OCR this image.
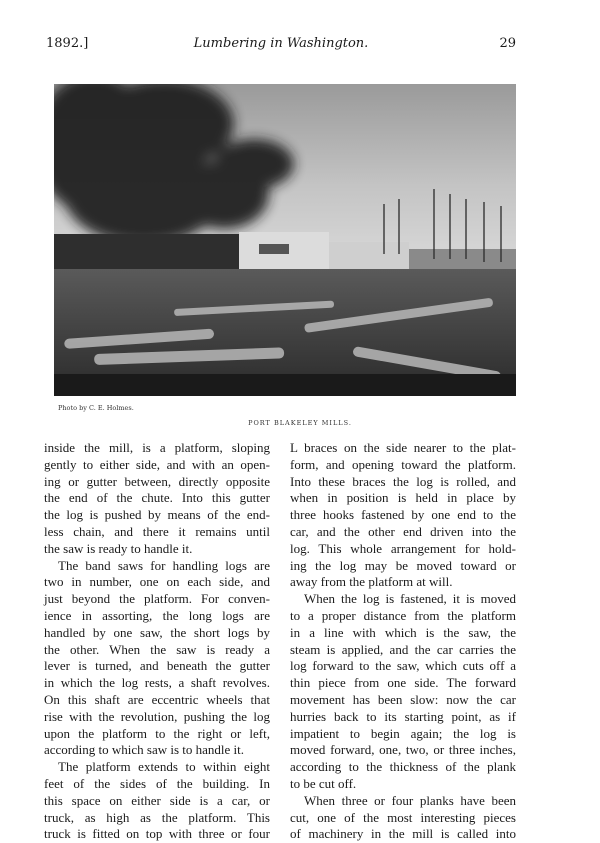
1892.]	Lumbering in Washington.	29
Photo by C. E. Holmes.
PORT BLAKELEY MILLS.
inside the mill, is a platform, sloping
gently to either side, and with an open-
ing or gutter between, directly opposite
the end of the chute. Into this gutter
the log is pushed by means of the end-
less chain, and there it remains until
the saw is ready to handle it.
The band saws for handling logs are
two in number, one on each side, and
just beyond the platform. For conven-
ience in assorting, the long logs are
handled by one saw, the short logs by
the other. When the saw is ready a
lever is turned, and beneath the gutter
in which the log rests, a shaft revolves.
On this shaft are eccentric wheels that
rise with the revolution, pushing the log
upon the platform to the right or left,
according to which saw is to handle it.
The platform extends to within eight
feet of the sides of the building. In
this space on either side is a car, or
truck, as high as the platform. This
truck is fitted on top with three or four
L braces on the side nearer to the plat-
form, and opening toward the platform.
Into these braces the log is rolled, and
when in position is held in place by
three hooks fastened by one end to the
car, and the other end driven into the
log. This whole arrangement for hold-
ing the log may be moved toward or
away from the platform at will.
When the log is fastened, it is moved
to a proper distance from the platform
in a line with which is the saw, the
steam is applied, and the car carries the
log forward to the saw, which cuts off a
thin piece from one side. The forward
movement has been slow: now the car
hurries back to its starting point, as if
impatient to begin again; the log is
moved forward, one, two, or three inches,
according to the thickness of the plank
to be cut off.
When three or four planks have been
cut, one of the most interesting pieces
of machinery in the mill is called into
